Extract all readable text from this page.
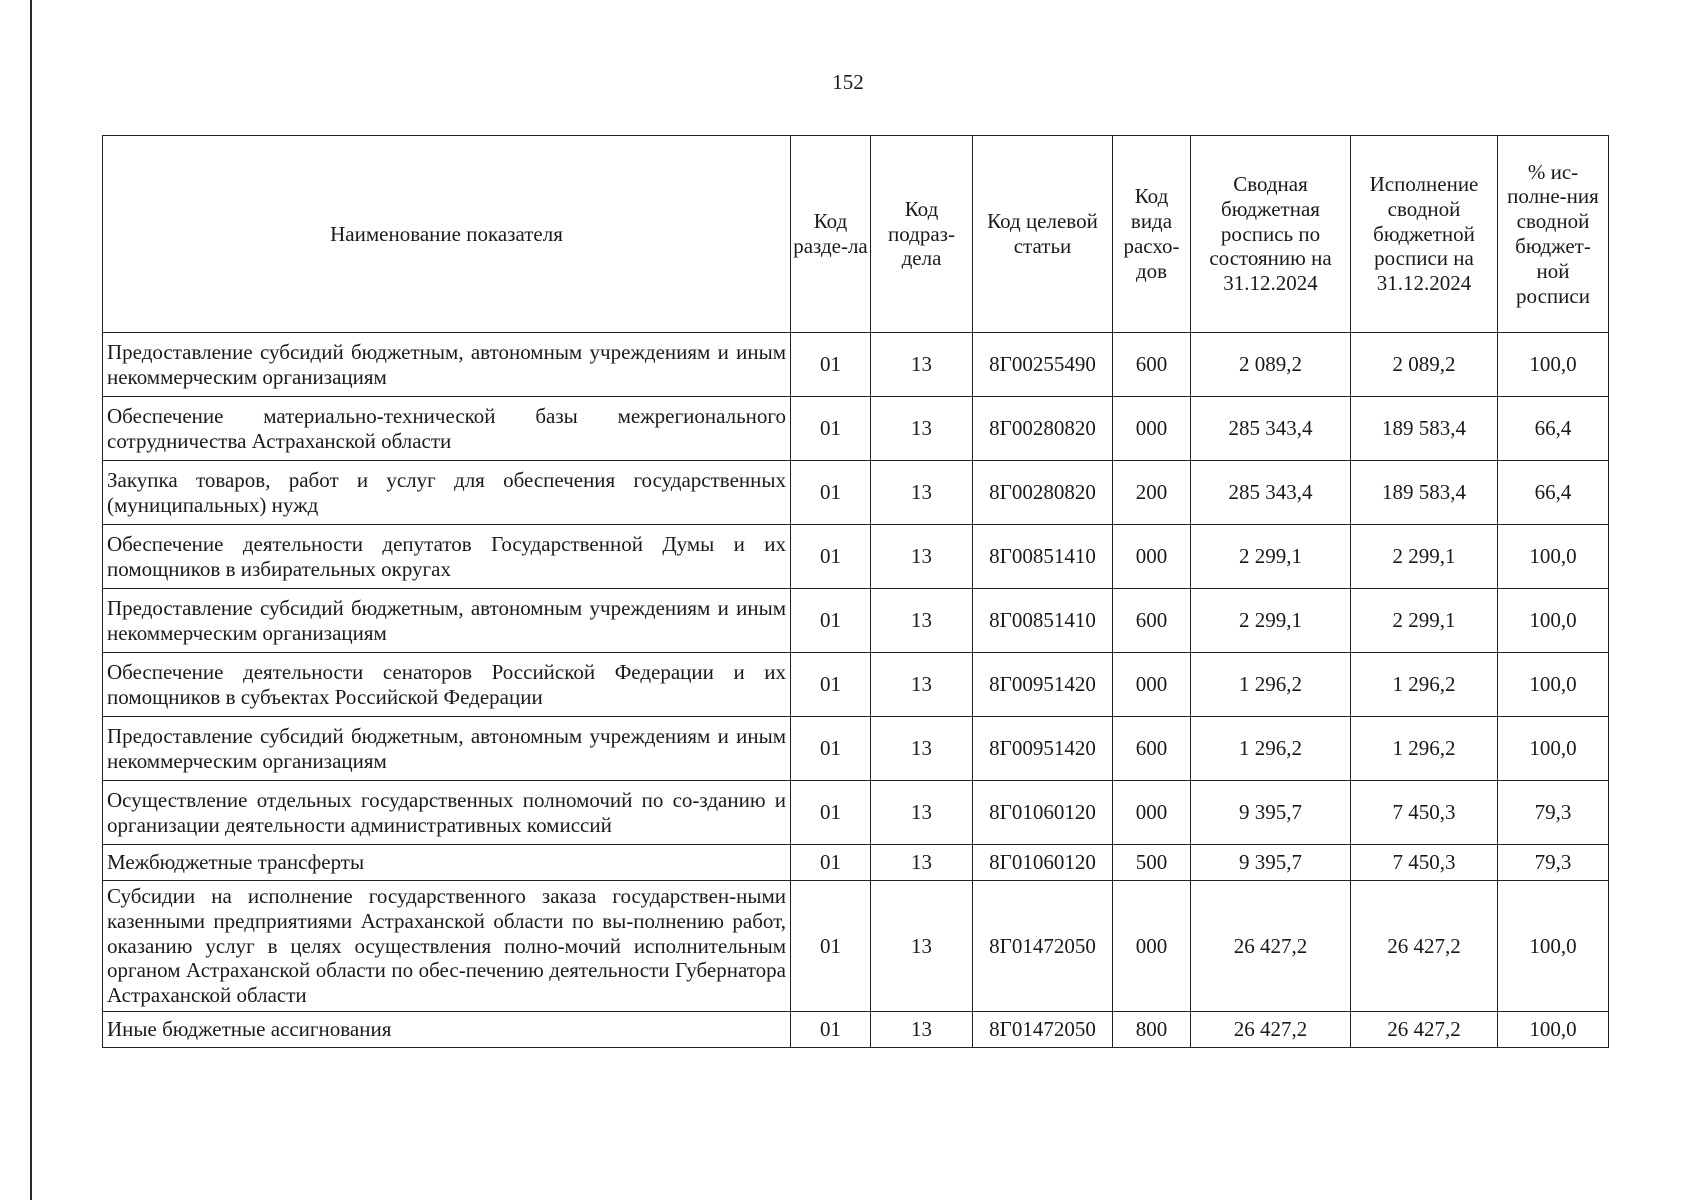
152
Наименование показателя	Код разде-ла	Код подраз-дела	Код целевой статьи	Код вида расхо-дов	Сводная бюджетная роспись по состоянию на 31.12.2024	Исполнение сводной бюджетной росписи на 31.12.2024	% ис-полне-ния сводной бюджет-ной росписи
Предоставление субсидий бюджетным, автономным учреждениям и иным некоммерческим организациям	01	13	8Г00255490	600	2 089,2	2 089,2	100,0
Обеспечение материально-технической базы межрегионального сотрудничества Астраханской области	01	13	8Г00280820	000	285 343,4	189 583,4	66,4
Закупка товаров, работ и услуг для обеспечения государственных (муниципальных) нужд	01	13	8Г00280820	200	285 343,4	189 583,4	66,4
Обеспечение деятельности депутатов Государственной Думы и их помощников в избирательных округах	01	13	8Г00851410	000	2 299,1	2 299,1	100,0
Предоставление субсидий бюджетным, автономным учреждениям и иным некоммерческим организациям	01	13	8Г00851410	600	2 299,1	2 299,1	100,0
Обеспечение деятельности сенаторов Российской Федерации и их помощников в субъектах Российской Федерации	01	13	8Г00951420	000	1 296,2	1 296,2	100,0
Предоставление субсидий бюджетным, автономным учреждениям и иным некоммерческим организациям	01	13	8Г00951420	600	1 296,2	1 296,2	100,0
Осуществление отдельных государственных полномочий по со-зданию и организации деятельности административных комиссий	01	13	8Г01060120	000	9 395,7	7 450,3	79,3
Межбюджетные трансферты	01	13	8Г01060120	500	9 395,7	7 450,3	79,3
Субсидии на исполнение государственного заказа государствен-ными казенными предприятиями Астраханской области по вы-полнению работ, оказанию услуг в целях осуществления полно-мочий исполнительным органом Астраханской области по обес-печению деятельности Губернатора Астраханской области	01	13	8Г01472050	000	26 427,2	26 427,2	100,0
Иные бюджетные ассигнования	01	13	8Г01472050	800	26 427,2	26 427,2	100,0
